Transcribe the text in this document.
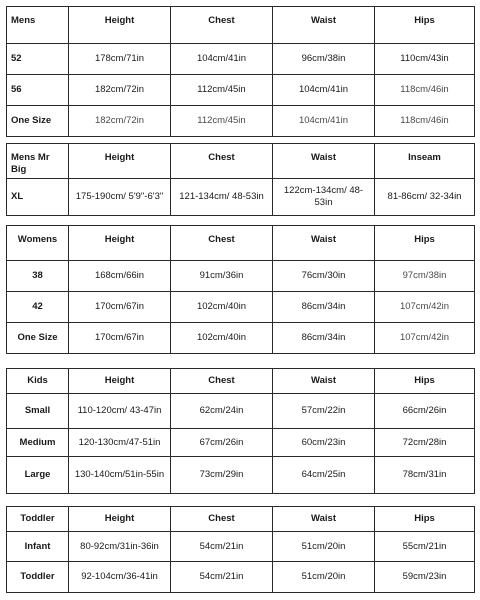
Mens	Height	Chest	Waist	Hips
52	178cm/71in	104cm/41in	96cm/38in	110cm/43in
56	182cm/72in	112cm/45in	104cm/41in	118cm/46in
One Size	182cm/72in	112cm/45in	104cm/41in	118cm/46in
Mens Mr Big	Height	Chest	Waist	Inseam
XL	175-190cm/ 5'9"-6'3"	121-134cm/ 48-53in	122cm-134cm/ 48-53in	81-86cm/ 32-34in
Womens	Height	Chest	Waist	Hips
38	168cm/66in	91cm/36in	76cm/30in	97cm/38in
42	170cm/67in	102cm/40in	86cm/34in	107cm/42in
One Size	170cm/67in	102cm/40in	86cm/34in	107cm/42in
Kids	Height	Chest	Waist	Hips
Small	110-120cm/ 43-47in	62cm/24in	57cm/22in	66cm/26in
Medium	120-130cm/47-51in	67cm/26in	60cm/23in	72cm/28in
Large	130-140cm/51in-55in	73cm/29in	64cm/25in	78cm/31in
Toddler	Height	Chest	Waist	Hips
Infant	80-92cm/31in-36in	54cm/21in	51cm/20in	55cm/21in
Toddler	92-104cm/36-41in	54cm/21in	51cm/20in	59cm/23in
